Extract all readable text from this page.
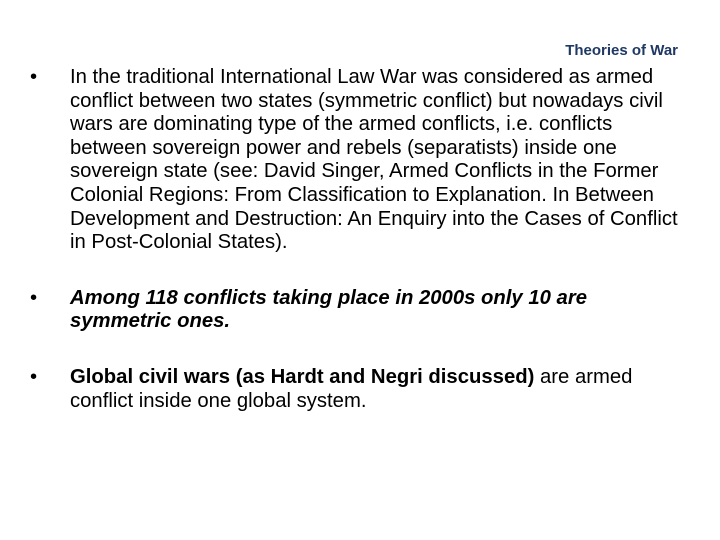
Theories of War
• In the traditional International Law War was considered as armed conflict between two states (symmetric conflict) but nowadays civil wars are dominating type of the armed conflicts, i.e. conflicts between sovereign power and rebels (separatists) inside one sovereign state (see: David Singer, Armed Conflicts in the Former Colonial Regions: From Classification to Explanation. In Between Development and Destruction: An Enquiry into the Cases of Conflict in Post-Colonial States).
• Among 118 conflicts taking place in 2000s only 10 are symmetric ones.
• Global civil wars (as Hardt and Negri discussed) are armed conflict inside one global system.
